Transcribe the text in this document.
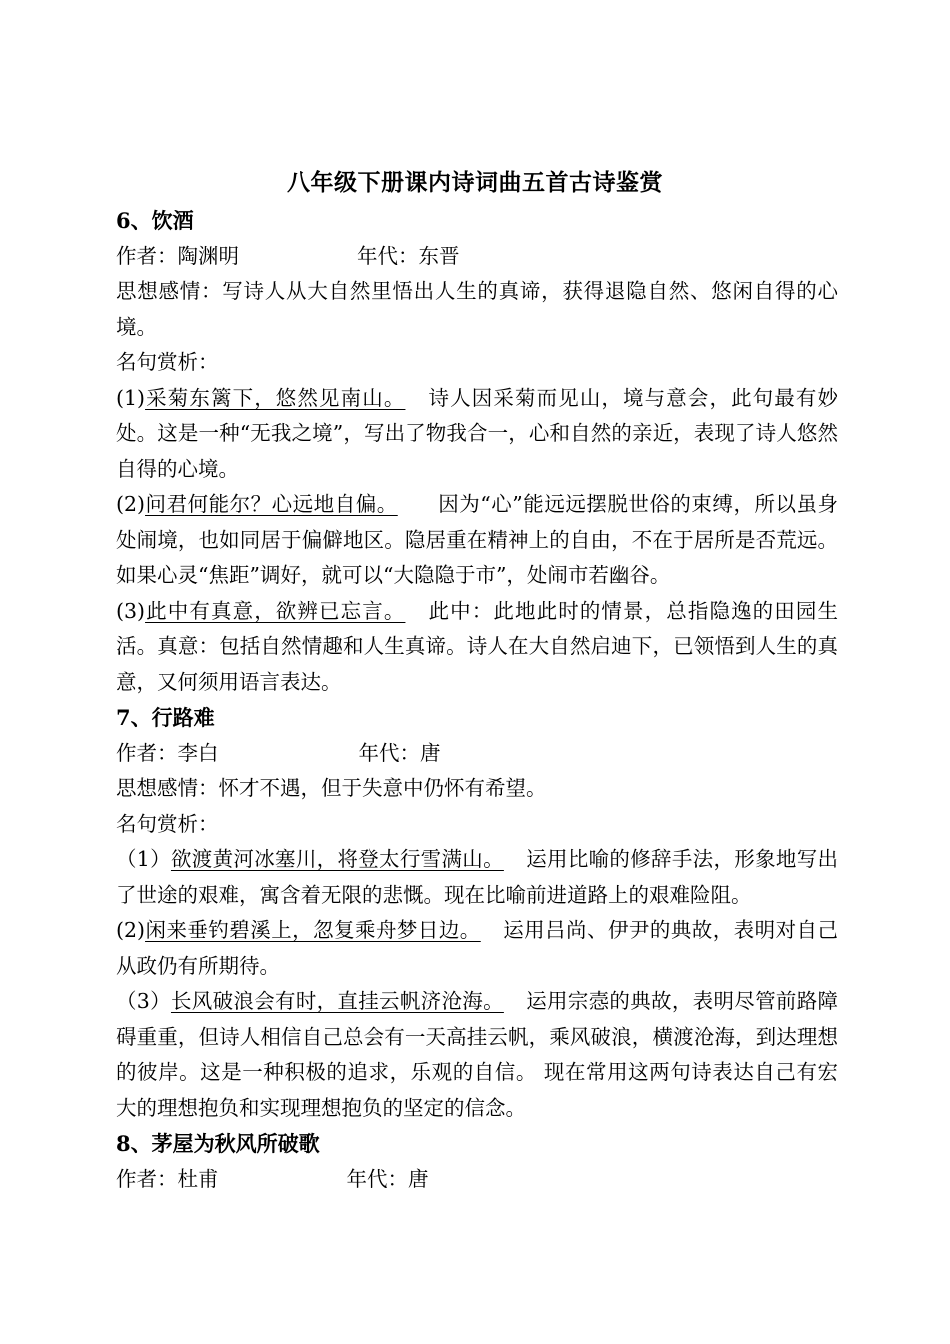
八年级下册课内诗词曲五首古诗鉴赏
6、饮酒
作者：陶渊明	年代：东晋
思想感情：写诗人从大自然里悟出人生的真谛，获得退隐自然、悠闲自得的心境。
名句赏析：
(1)采菊东篱下，悠然见南山。 诗人因采菊而见山，境与意会，此句最有妙处。这是一种“无我之境”，写出了物我合一，心和自然的亲近，表现了诗人悠然自得的心境。
(2)问君何能尔？心远地自偏。 因为“心”能远远摆脱世俗的束缚，所以虽身处闹境，也如同居于偏僻地区。隐居重在精神上的自由，不在于居所是否荒远。如果心灵“焦距”调好，就可以“大隐隐于市”，处闹市若幽谷。
(3)此中有真意，欲辨已忘言。 此中：此地此时的情景，总指隐逸的田园生活。真意：包括自然情趣和人生真谛。诗人在大自然启迪下，已领悟到人生的真意，又何须用语言表达。
7、行路难
作者：李白	年代：唐
思想感情：怀才不遇，但于失意中仍怀有希望。
名句赏析：
（1）欲渡黄河冰塞川，将登太行雪满山。 运用比喻的修辞手法，形象地写出了世途的艰难，寓含着无限的悲慨。现在比喻前进道路上的艰难险阻。
(2)闲来垂钓碧溪上，忽复乘舟梦日边。 运用吕尚、伊尹的典故，表明对自己从政仍有所期待。
（3）长风破浪会有时，直挂云帆济沧海。 运用宗悫的典故，表明尽管前路障碍重重，但诗人相信自己总会有一天高挂云帆，乘风破浪，横渡沧海，到达理想的彼岸。这是一种积极的追求，乐观的自信。 现在常用这两句诗表达自己有宏大的理想抱负和实现理想抱负的坚定的信念。
8、茅屋为秋风所破歌
作者：杜甫	年代：唐
